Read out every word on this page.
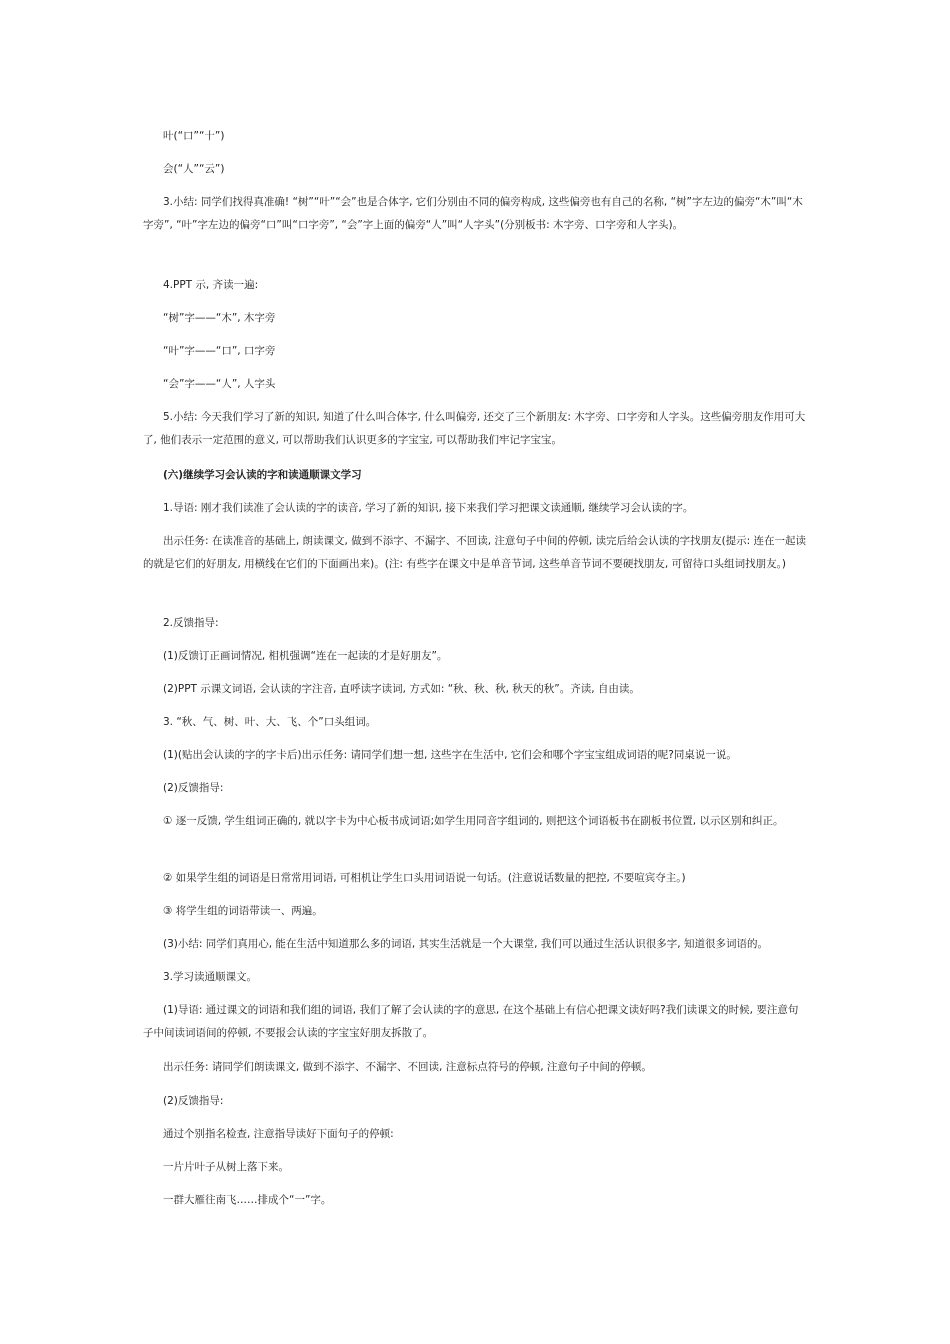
叶(“口”“十”)

会(“人”“云”)

3.小结: 同学们找得真准确! “树”“叶”“会”也是合体字, 它们分别由不同的偏旁构成, 这些偏旁也有自己的名称, “树”字左边的偏旁“木”叫“木字旁”, “叶”字左边的偏旁“口”叫“口字旁”, “会”字上面的偏旁“人”叫“人字头”(分别板书: 木字旁、口字旁和人字头)。

4.PPT 示, 齐读一遍:

“树”字——“木”, 木字旁

“叶”字——“口”, 口字旁

“会”字——“人”, 人字头

5.小结: 今天我们学习了新的知识, 知道了什么叫合体字, 什么叫偏旁, 还交了三个新朋友: 木字旁、口字旁和人字头。这些偏旁朋友作用可大了, 他们表示一定范围的意义, 可以帮助我们认识更多的字宝宝, 可以帮助我们牢记字宝宝。

(六)继续学习会认读的字和读通顺课文学习

1.导语: 刚才我们读准了会认读的字的读音, 学习了新的知识, 接下来我们学习把课文读通顺, 继续学习会认读的字。

出示任务: 在读准音的基础上, 朗读课文, 做到不添字、不漏字、不回读, 注意句子中间的停顿, 读完后给会认读的字找朋友(提示: 连在一起读的就是它们的好朋友, 用横线在它们的下面画出来)。(注: 有些字在课文中是单音节词, 这些单音节词不要硬找朋友, 可留待口头组词找朋友。)

2.反馈指导:

(1)反馈订正画词情况, 相机强调“连在一起读的才是好朋友”。

(2)PPT 示课文词语, 会认读的字注音, 直呼读字读词, 方式如: “秋、秋、秋, 秋天的秋”。齐读, 自由读。

3. “秋、气、树、叶、大、飞、个”口头组词。

(1)(贴出会认读的字的字卡后)出示任务: 请同学们想一想, 这些字在生活中, 它们会和哪个字宝宝组成词语的呢?同桌说一说。

(2)反馈指导:

① 逐一反馈, 学生组词正确的, 就以字卡为中心板书成词语;如学生用同音字组词的, 则把这个词语板书在副板书位置, 以示区别和纠正。

② 如果学生组的词语是日常常用词语, 可相机让学生口头用词语说一句话。(注意说话数量的把控, 不要喧宾夺主。)

③ 将学生组的词语带读一、两遍。

(3)小结: 同学们真用心, 能在生活中知道那么多的词语, 其实生活就是一个大课堂, 我们可以通过生活认识很多字, 知道很多词语的。

3.学习读通顺课文。

(1)导语: 通过课文的词语和我们组的词语, 我们了解了会认读的字的意思, 在这个基础上有信心把课文读好吗?我们读课文的时候, 要注意句子中间读词语间的停顿, 不要报会认读的字宝宝好朋友拆散了。

出示任务: 请同学们朗读课文, 做到不添字、不漏字、不回读, 注意标点符号的停顿, 注意句子中间的停顿。

(2)反馈指导:

通过个别指名检查, 注意指导读好下面句子的停顿:

一片片叶子从树上落下来。

一群大雁往南飞……排成个“一”字。
